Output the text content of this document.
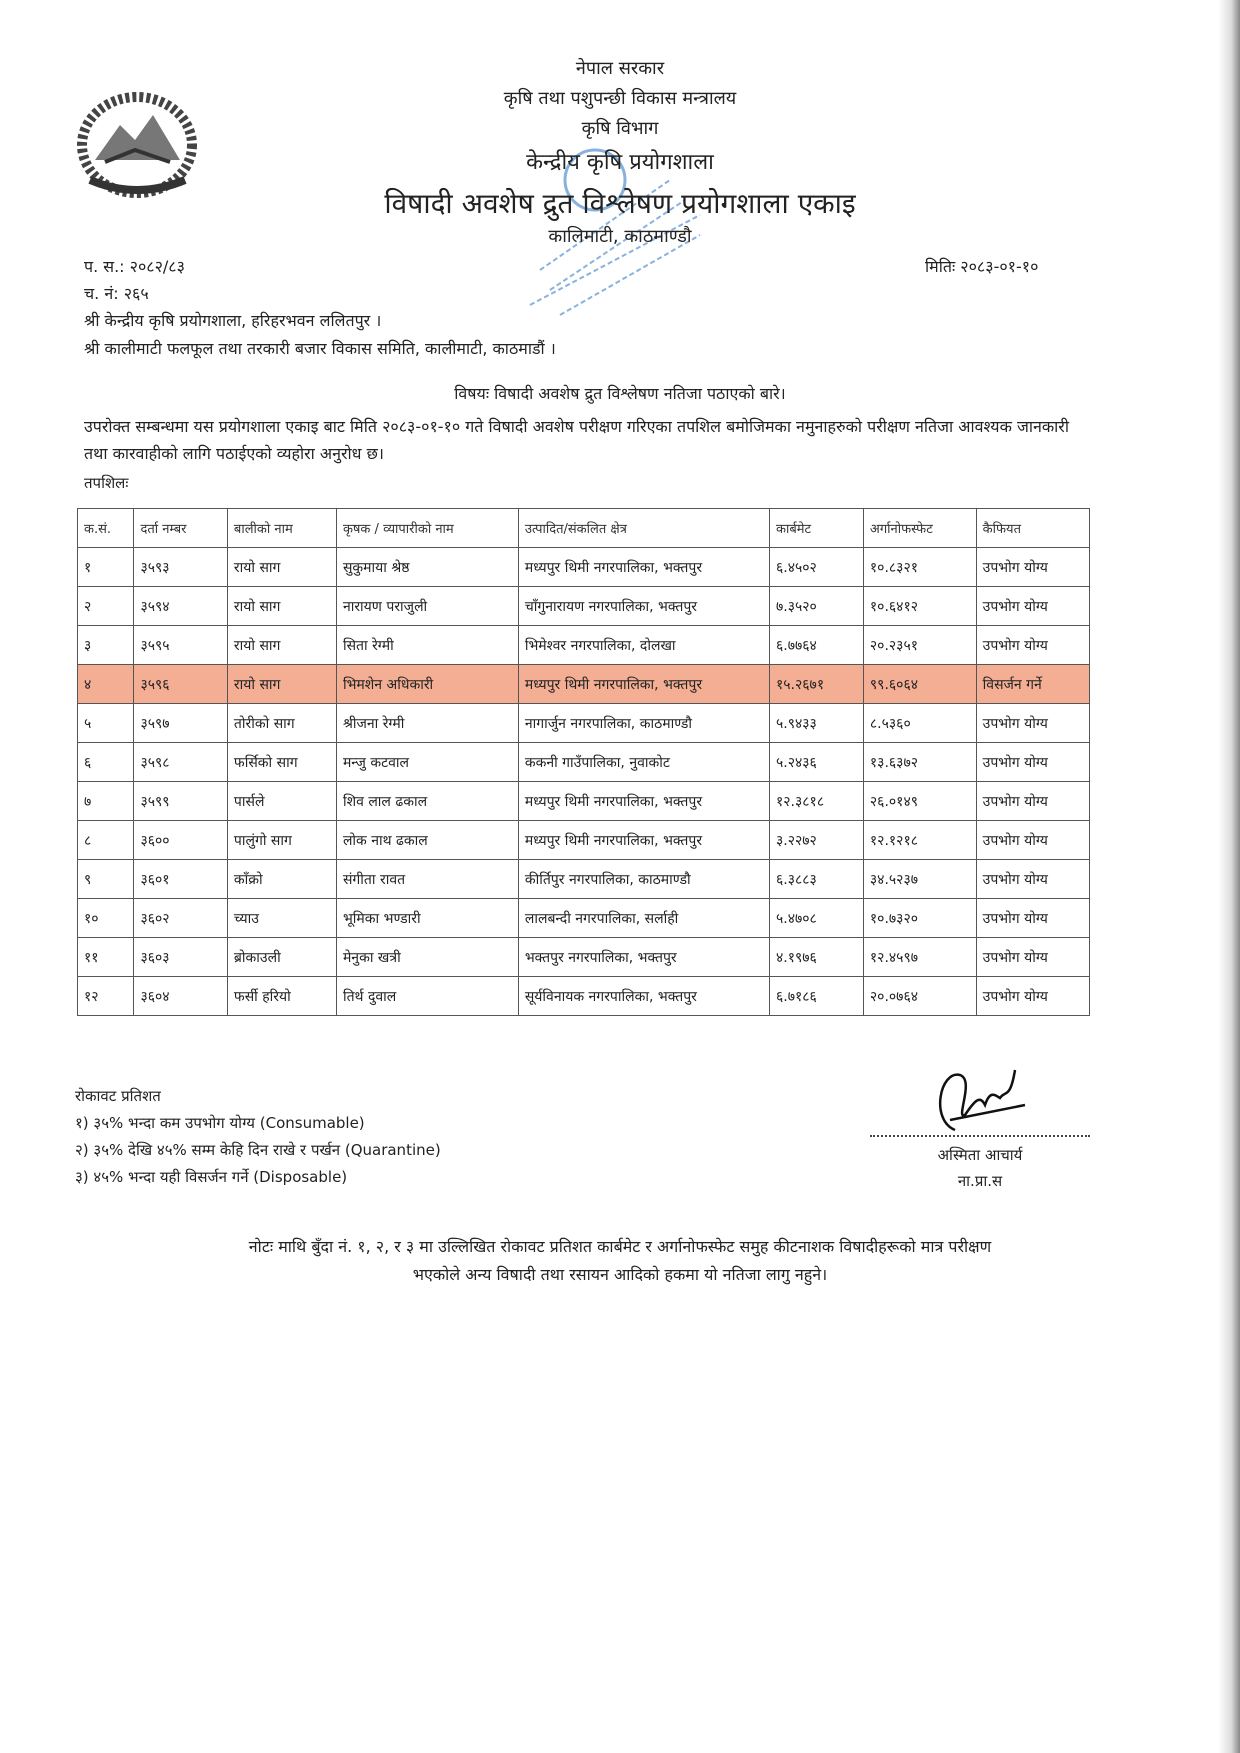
नेपाल सरकार
कृषि तथा पशुपन्छी विकास मन्त्रालय
कृषि विभाग
केन्द्रीय कृषि प्रयोगशाला
विषादी अवशेष द्रुत विश्लेषण प्रयोगशाला एकाइ
कालिमाटी, काठमाण्डौ
प. स.: २०८२/८३	मितिः २०८३-०१-१०
च. नं: २६५
श्री केन्द्रीय कृषि प्रयोगशाला, हरिहरभवन ललितपुर ।
श्री कालीमाटी फलफूल तथा तरकारी बजार विकास समिति, कालीमाटी, काठमाडौं ।
विषयः विषादी अवशेष द्रुत विश्लेषण नतिजा पठाएको बारे।
उपरोक्त सम्बन्धमा यस प्रयोगशाला एकाइ बाट मिति २०८३-०१-१० गते विषादी अवशेष परीक्षण गरिएका तपशिल बमोजिमका नमुनाहरुको परीक्षण नतिजा आवश्यक जानकारी तथा कारवाहीको लागि पठाईएको व्यहोरा अनुरोध छ।
तपशिलः
क.सं.	दर्ता नम्बर	बालीको नाम	कृषक / व्यापारीको नाम	उत्पादित/संकलित क्षेत्र	कार्बमेट	अर्गानोफस्फेट	कैफियत
१	३५९३	रायो साग	सुकुमाया श्रेष्ठ	मध्यपुर थिमी नगरपालिका, भक्तपुर	६.४५०२	१०.८३२१	उपभोग योग्य
२	३५९४	रायो साग	नारायण पराजुली	चाँगुनारायण नगरपालिका, भक्तपुर	७.३५२०	१०.६४१२	उपभोग योग्य
३	३५९५	रायो साग	सिता रेग्मी	भिमेश्वर नगरपालिका, दोलखा	६.७७६४	२०.२३५१	उपभोग योग्य
४	३५९६	रायो साग	भिमशेन अधिकारी	मध्यपुर थिमी नगरपालिका, भक्तपुर	१५.२६७१	९९.६०६४	विसर्जन गर्ने
५	३५९७	तोरीको साग	श्रीजना रेग्मी	नागार्जुन नगरपालिका, काठमाण्डौ	५.९४३३	८.५३६०	उपभोग योग्य
६	३५९८	फर्सिको साग	मन्जु कटवाल	ककनी गाउँपालिका, नुवाकोट	५.२४३६	१३.६३७२	उपभोग योग्य
७	३५९९	पार्सले	शिव लाल ढकाल	मध्यपुर थिमी नगरपालिका, भक्तपुर	१२.३८१८	२६.०१४९	उपभोग योग्य
८	३६००	पालुंगो साग	लोक नाथ ढकाल	मध्यपुर थिमी नगरपालिका, भक्तपुर	३.२२७२	१२.१२१८	उपभोग योग्य
९	३६०१	काँक्रो	संगीता रावत	कीर्तिपुर नगरपालिका, काठमाण्डौ	६.३८८३	३४.५२३७	उपभोग योग्य
१०	३६०२	च्याउ	भूमिका भण्डारी	लालबन्दी नगरपालिका, सर्लाही	५.४७०८	१०.७३२०	उपभोग योग्य
११	३६०३	ब्रोकाउली	मेनुका खत्री	भक्तपुर नगरपालिका, भक्तपुर	४.१९७६	१२.४५९७	उपभोग योग्य
१२	३६०४	फर्सी हरियो	तिर्थ दुवाल	सूर्यविनायक नगरपालिका, भक्तपुर	६.७१८६	२०.०७६४	उपभोग योग्य
रोकावट प्रतिशत
१) ३५% भन्दा कम उपभोग योग्य (Consumable)
२) ३५% देखि ४५% सम्म केहि दिन राखे र पर्खन (Quarantine)
३) ४५% भन्दा यही विसर्जन गर्ने (Disposable)
अस्मिता आचार्य
ना.प्रा.स
नोटः माथि बुँदा नं. १, २, र ३ मा उल्लिखित रोकावट प्रतिशत कार्बमेट र अर्गानोफस्फेट समुह कीटनाशक विषादीहरूको मात्र परीक्षण
भएकोले अन्य विषादी तथा रसायन आदिको हकमा यो नतिजा लागु नहुने।
